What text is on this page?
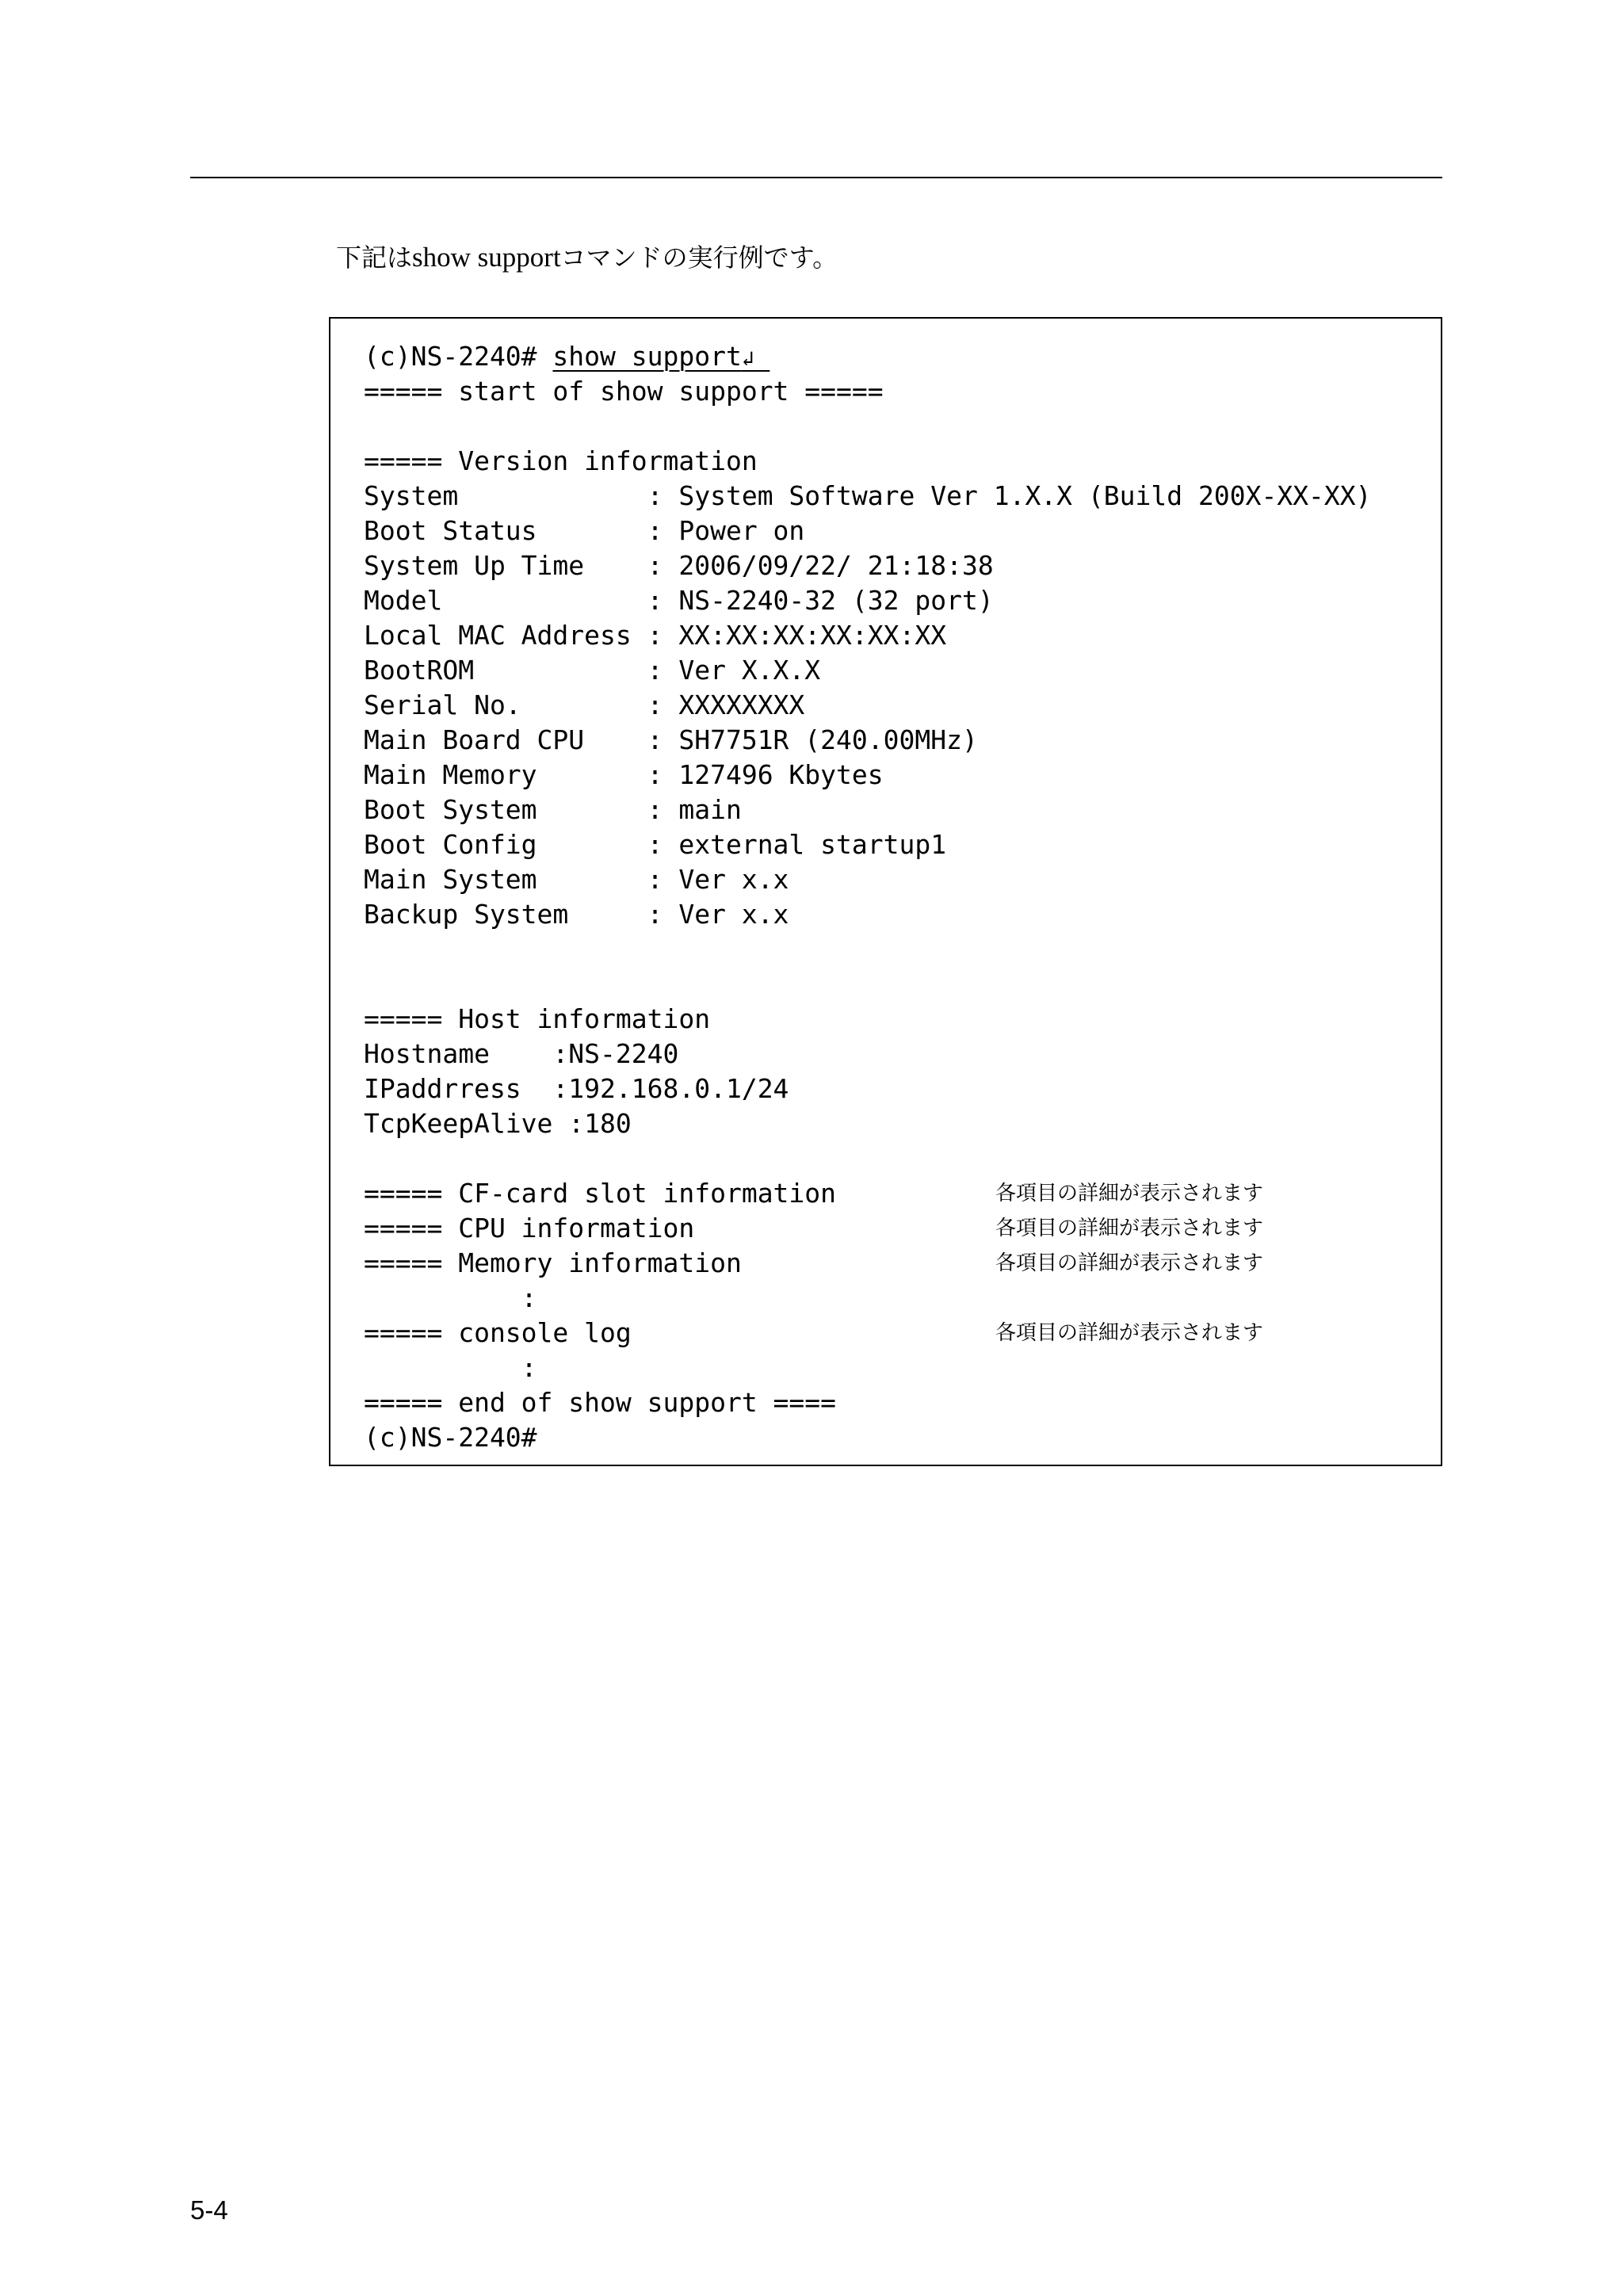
下記はshow supportコマンドの実行例です。
(c)NS-2240# show support↲
===== start of show support =====
===== Version information
System            : System Software Ver 1.X.X (Build 200X-XX-XX)
Boot Status       : Power on
System Up Time    : 2006/09/22/ 21:18:38
Model             : NS-2240-32 (32 port)
Local MAC Address : XX:XX:XX:XX:XX:XX
BootROM           : Ver X.X.X
Serial No.        : XXXXXXXX
Main Board CPU    : SH7751R (240.00MHz)
Main Memory       : 127496 Kbytes
Boot System       : main
Boot Config       : external startup1
Main System       : Ver x.x
Backup System     : Ver x.x
===== Host information
Hostname    :NS-2240
IPaddrress  :192.168.0.1/24
TcpKeepAlive :180
===== CF-card slot information
===== CPU information
===== Memory information
:
===== console log
:
===== end of show support ====
(c)NS-2240#
各項目の詳細が表示されます
各項目の詳細が表示されます
各項目の詳細が表示されます
各項目の詳細が表示されます
5-4
